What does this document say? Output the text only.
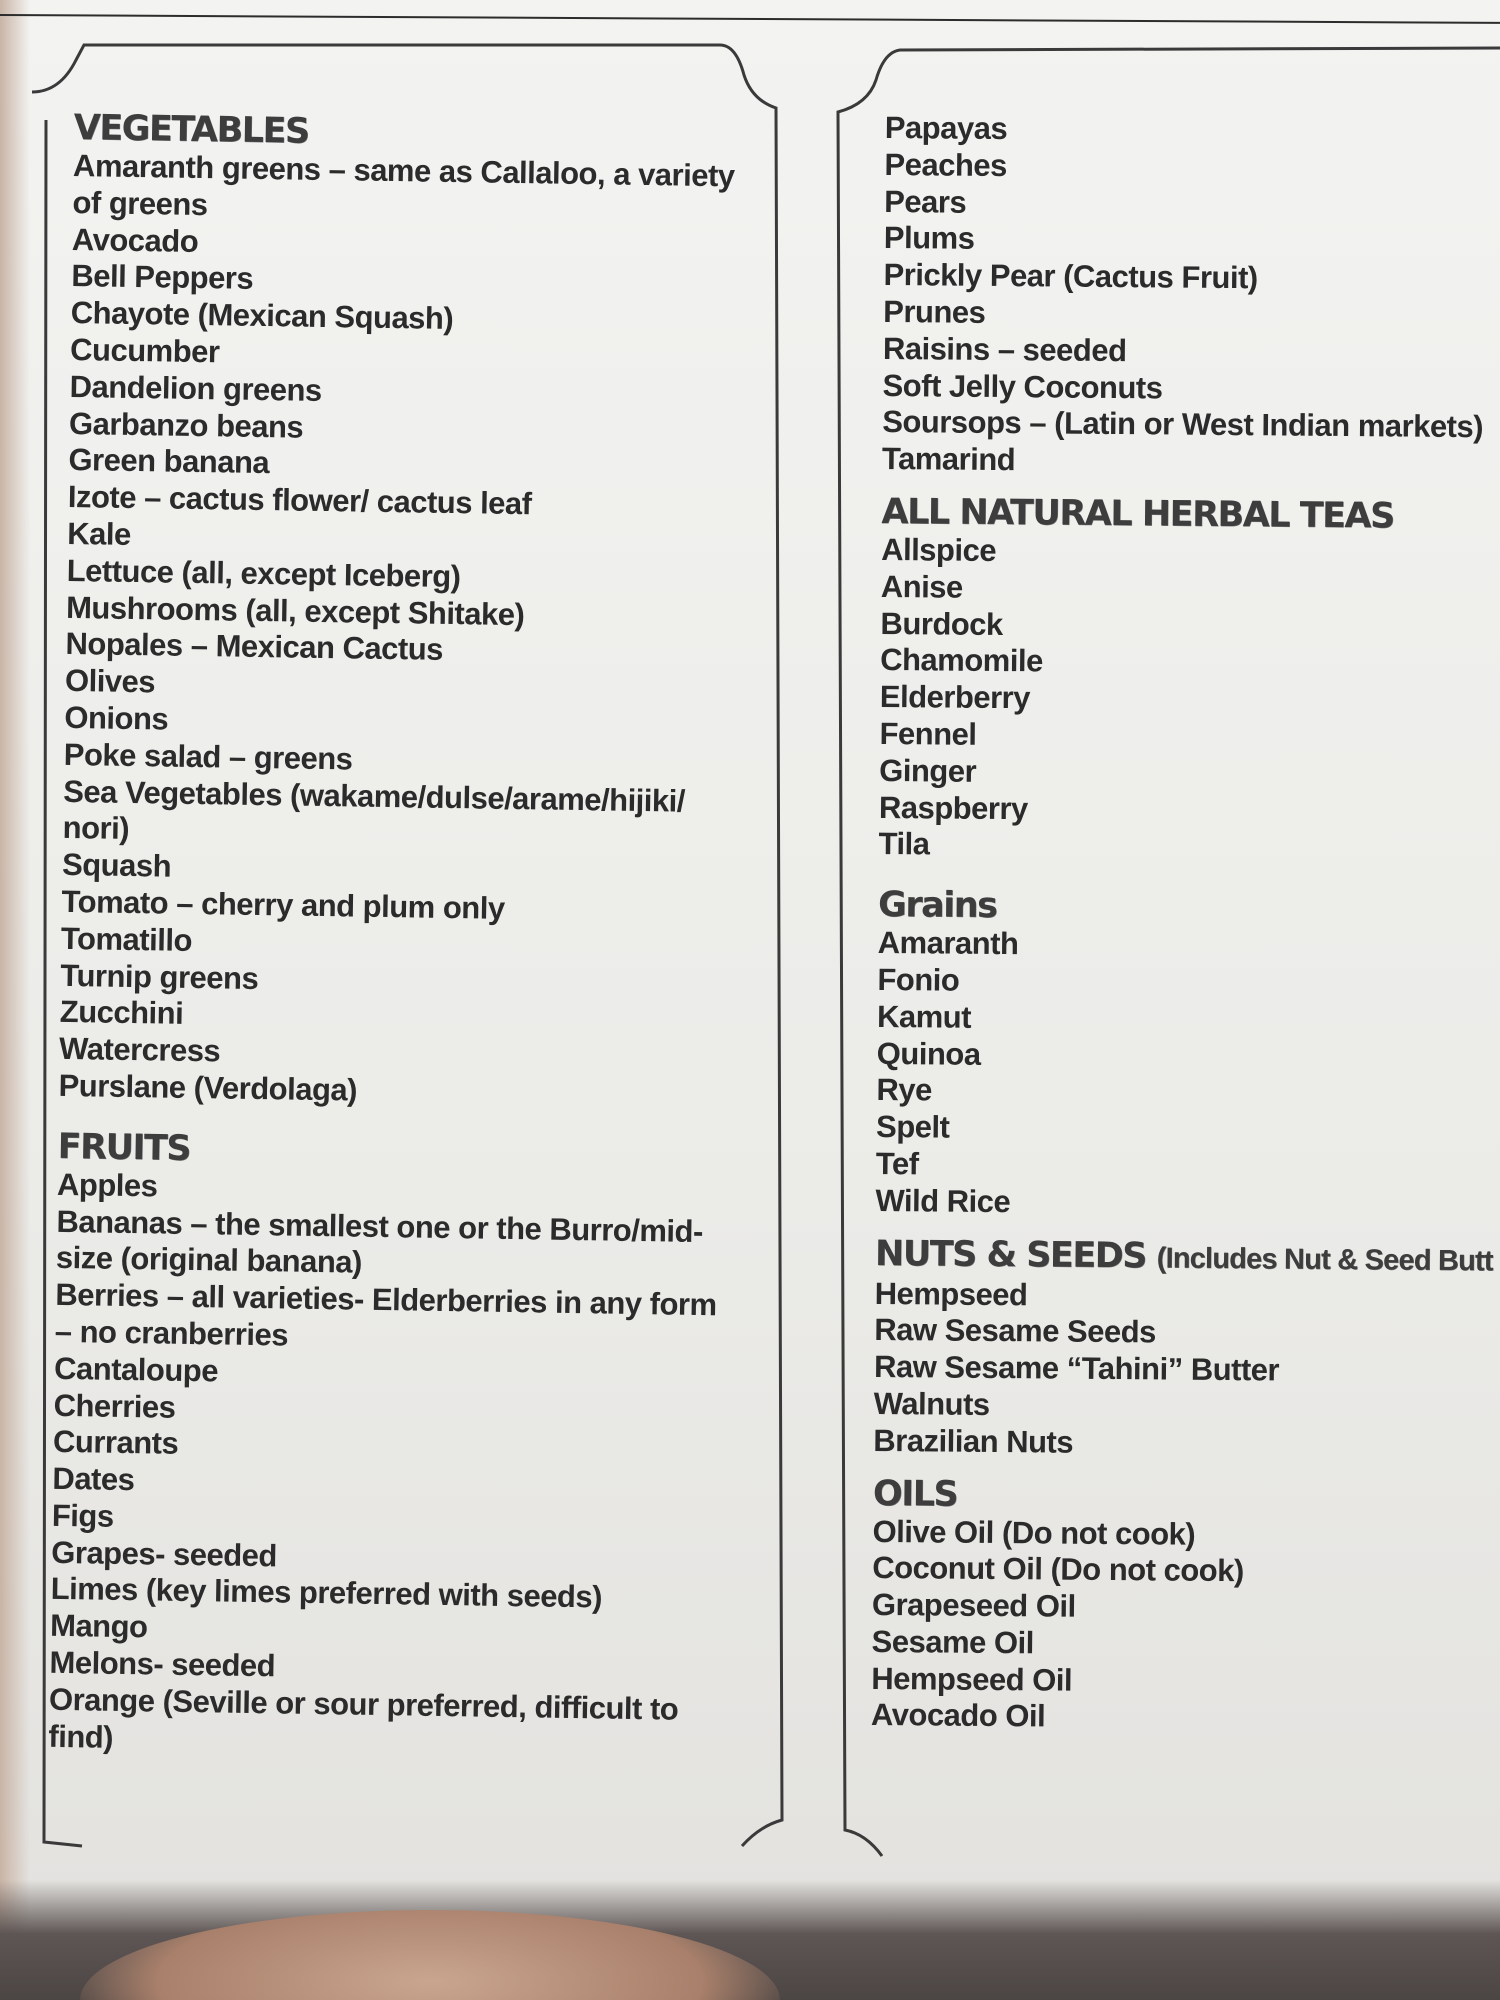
VEGETABLES
Amaranth greens – same as Callaloo, a variety
of greens
Avocado
Bell Peppers
Chayote (Mexican Squash)
Cucumber
Dandelion greens
Garbanzo beans
Green banana
Izote – cactus flower/ cactus leaf
Kale
Lettuce (all, except Iceberg)
Mushrooms (all, except Shitake)
Nopales – Mexican Cactus
Olives
Onions
Poke salad – greens
Sea Vegetables (wakame/dulse/arame/hijiki/
nori)
Squash
Tomato – cherry and plum only
Tomatillo
Turnip greens
Zucchini
Watercress
Purslane (Verdolaga)
FRUITS
Apples
Bananas – the smallest one or the Burro/mid-
size (original banana)
Berries – all varieties- Elderberries in any form
– no cranberries
Cantaloupe
Cherries
Currants
Dates
Figs
Grapes- seeded
Limes (key limes preferred with seeds)
Mango
Melons- seeded
Orange (Seville or sour preferred, difficult to find)
Papayas
Peaches
Pears
Plums
Prickly Pear (Cactus Fruit)
Prunes
Raisins – seeded
Soft Jelly Coconuts
Soursops – (Latin or West Indian markets)
Tamarind
ALL NATURAL HERBAL TEAS
Allspice
Anise
Burdock
Chamomile
Elderberry
Fennel
Ginger
Raspberry
Tila
Grains
Amaranth
Fonio
Kamut
Quinoa
Rye
Spelt
Tef
Wild Rice
NUTS & SEEDS (Includes Nut & Seed Butt
Hempseed
Raw Sesame Seeds
Raw Sesame “Tahini” Butter
Walnuts
Brazilian Nuts
OILS
Olive Oil (Do not cook)
Coconut Oil (Do not cook)
Grapeseed Oil
Sesame Oil
Hempseed Oil
Avocado Oil
